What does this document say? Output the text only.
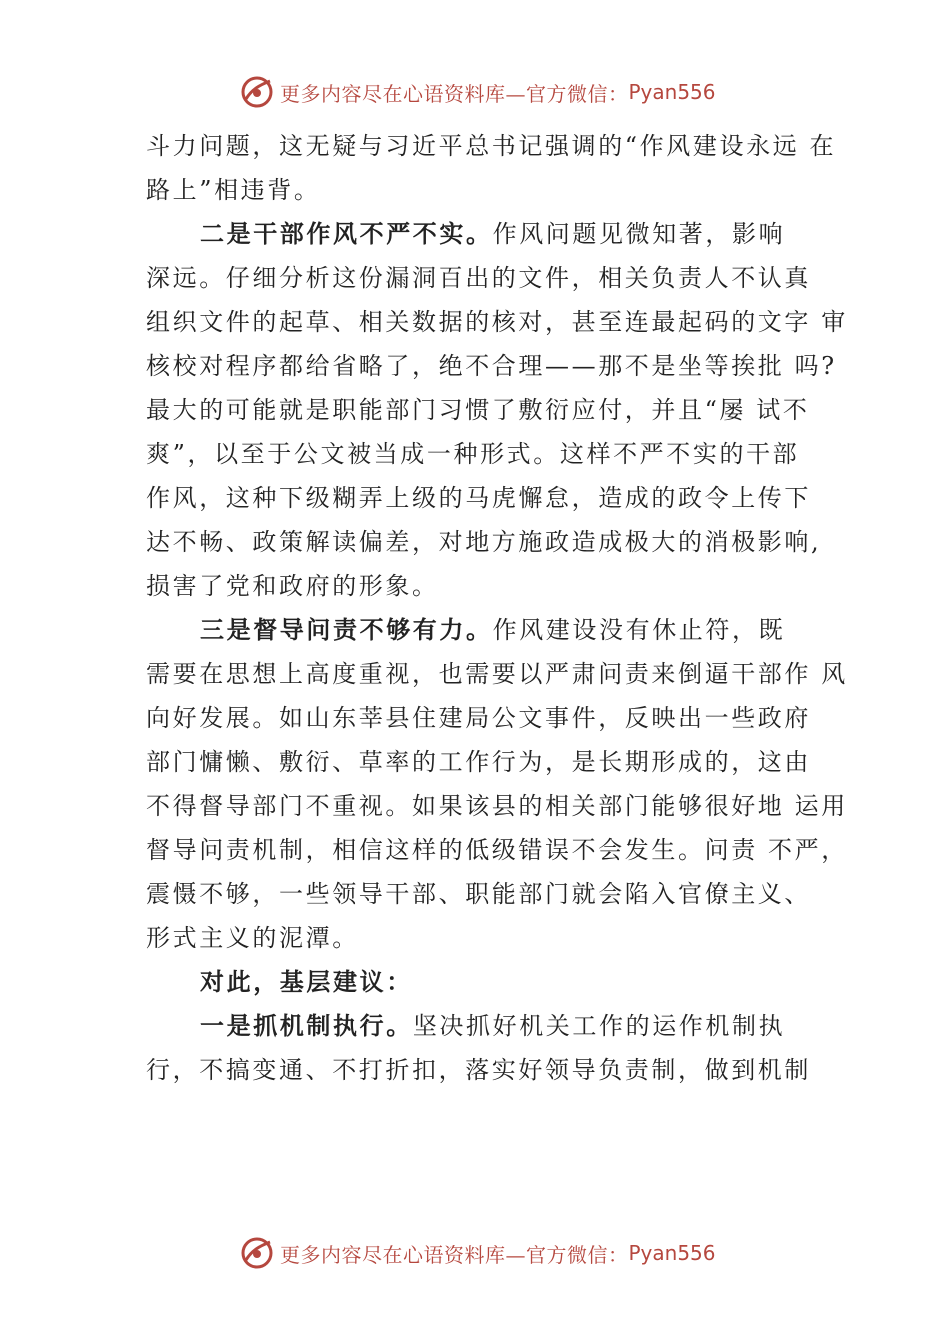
更多内容尽在心语资料库—官方微信： Pyan556
斗力问题，这无疑与习近平总书记强调的“作风建设永远 在
路上”相违背。
二是干部作风不严不实。作风问题见微知著，影响
深远。仔细分析这份漏洞百出的文件，相关负责人不认真
组织文件的起草、相关数据的核对，甚至连最起码的文字 审
核校对程序都给省略了，绝不合理——那不是坐等挨批 吗?
最大的可能就是职能部门习惯了敷衍应付，并且“屡 试不
爽”，以至于公文被当成一种形式。这样不严不实的干部
作风，这种下级糊弄上级的马虎懈怠，造成的政令上传下
达不畅、政策解读偏差，对地方施政造成极大的消极影响,
损害了党和政府的形象。
三是督导问责不够有力。作风建设没有休止符，既
需要在思想上高度重视，也需要以严肃问责来倒逼干部作 风
向好发展。如山东莘县住建局公文事件，反映出一些政府
部门慵懒、敷衍、草率的工作行为，是长期形成的，这由
不得督导部门不重视。如果该县的相关部门能够很好地 运用
督导问责机制，相信这样的低级错误不会发生。问责 不严，
震慑不够，一些领导干部、职能部门就会陷入官僚主义、
形式主义的泥潭。
对此，基层建议：
一是抓机制执行。坚决抓好机关工作的运作机制执
行，不搞变通、不打折扣，落实好领导负责制，做到机制
更多内容尽在心语资料库—官方微信： Pyan556
